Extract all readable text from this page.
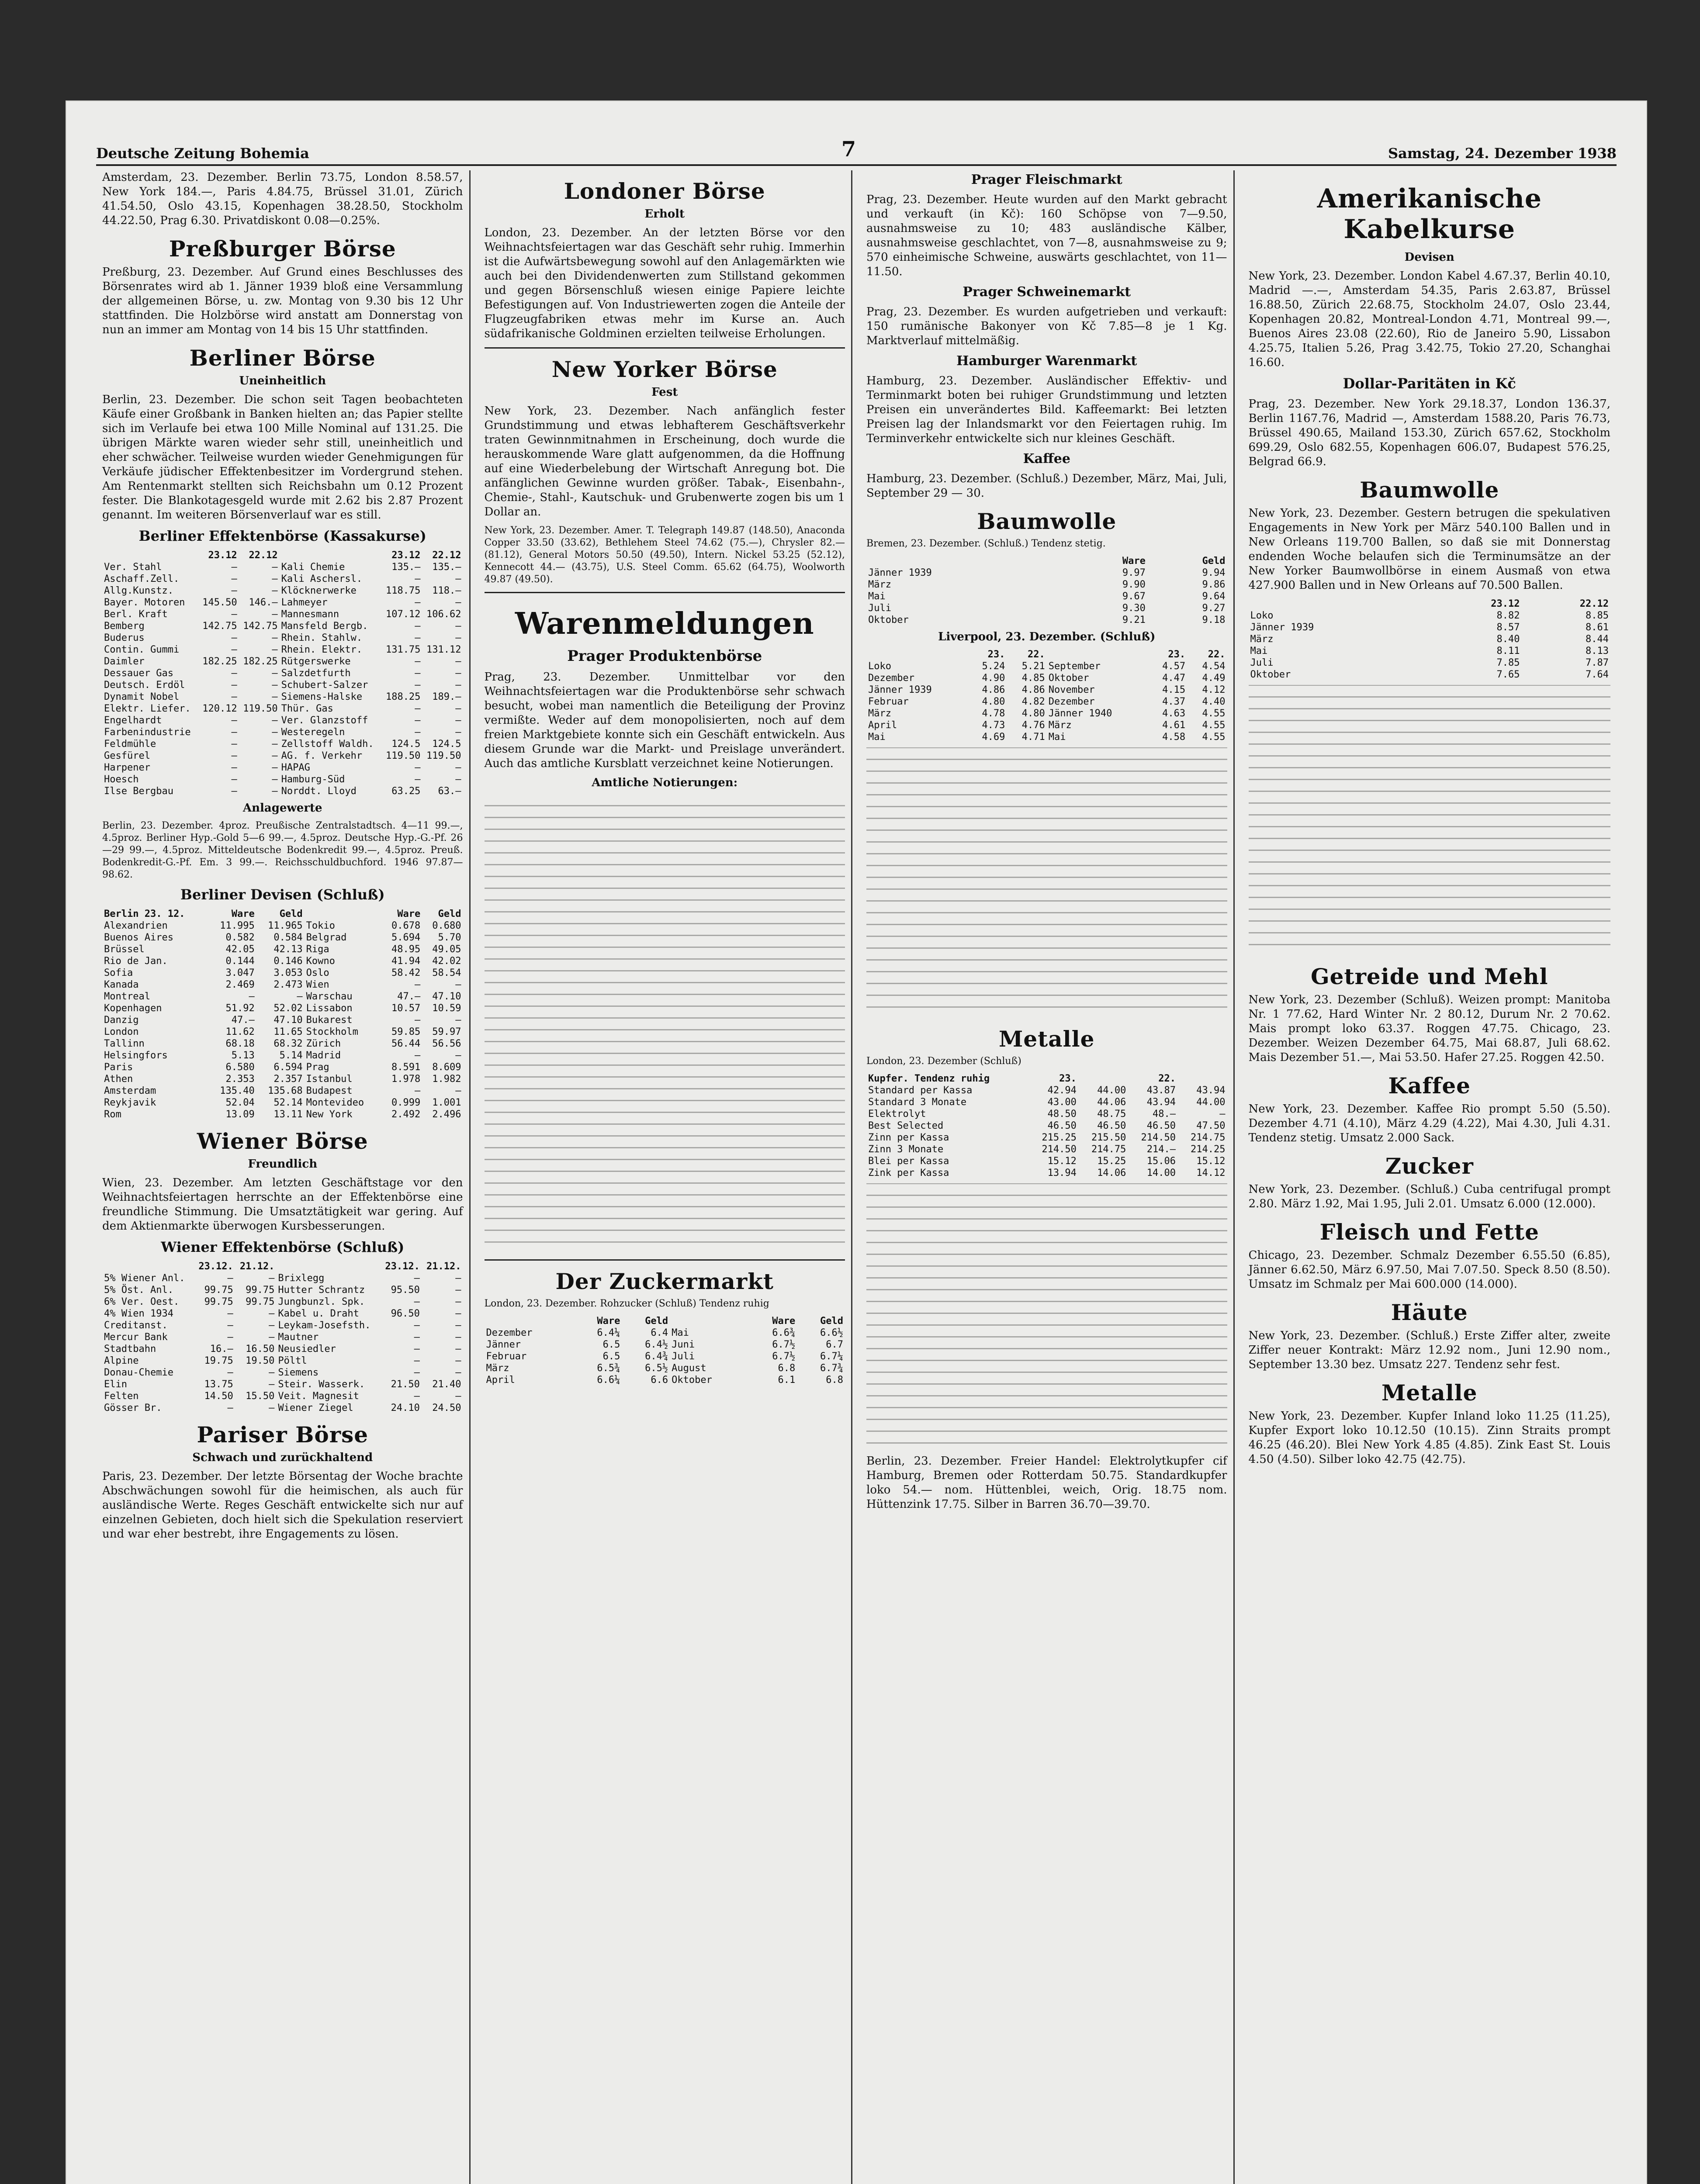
Deutsche Zeitung Bohemia	7	Samstag, 24. Dezember 1938

Amsterdam, 23. Dezember. Berlin 73.75, London 8.58.57, New York 184.—, Paris 4.84.75, Brüssel 31.01, Zürich 41.54.50, Oslo 43.15, Kopenhagen 38.28.50, Stockholm 44.22.50, Prag 6.30. Privatdiskont 0.08—0.25%.

Preßburger Börse

Preßburg, 23. Dezember. Auf Grund eines Beschlusses des Börsenrates wird ab 1. Jänner 1939 bloß eine Versammlung der allgemeinen Börse, u. zw. Montag von 9.30 bis 12 Uhr stattfinden. Die Holzbörse wird anstatt am Donnerstag von nun an immer am Montag von 14 bis 15 Uhr stattfinden.

Berliner Börse
Uneinheitlich

Berlin, 23. Dezember. Die schon seit Tagen beobachteten Käufe einer Großbank in Banken hielten an; das Papier stellte sich im Verlaufe bei etwa 100 Mille Nominal auf 131.25. Die übrigen Märkte waren wieder sehr still, uneinheitlich und eher schwächer. Teilweise wurden wieder Genehmigungen für Verkäufe jüdischer Effektenbesitzer im Vordergrund stehen. Am Rentenmarkt stellten sich Reichsbahn um 0.12 Prozent fester. Die Blankotagesgeld wurde mit 2.62 bis 2.87 Prozent genannt. Im weiteren Börsenverlauf war es still.

Berliner Effektenbörse (Kassakurse)
	23.12	22.12		23.12	22.12
Ver. Stahl	—	—	Kali Chemie	135.—	135.—
Aschaff.Zell.	—	—	Kali Aschersl.	—	—
Allg.Kunstz.	—	—	Klöcknerwerke	118.75	118.—
Bayer. Motoren	145.50	146.—	Lahmeyer	—	—
Berl. Kraft	—	—	Mannesmann	107.12	106.62
Bemberg	142.75	142.75	Mansfeld Bergb.	—	—
Buderus	—	—	Rhein. Stahlw.	—	—
Contin. Gummi	—	—	Rhein. Elektr.	131.75	131.12
Daimler	182.25	182.25	Rütgerswerke	—	—
Dessauer Gas	—	—	Salzdetfurth	—	—
Deutsch. Erdöl	—	—	Schubert-Salzer	—	—
Dynamit Nobel	—	—	Siemens-Halske	188.25	189.—
Elektr. Liefer.	120.12	119.50	Thür. Gas	—	—
Engelhardt	—	—	Ver. Glanzstoff	—	—
Farbenindustrie	—	—	Westeregeln	—	—
Feldmühle	—	—	Zellstoff Waldh.	124.5	124.5
Gesfürel	—	—	AG. f. Verkehr	119.50	119.50
Harpener	—	—	HAPAG	—	—
Hoesch	—	—	Hamburg-Süd	—	—
Ilse Bergbau	—	—	Norddt. Lloyd	63.25	63.—
Anlagewerte

Berlin, 23. Dezember. 4proz. Preußische Zentralstadtsch. 4—11 99.—, 4.5proz. Berliner Hyp.-Gold 5—6 99.—, 4.5proz. Deutsche Hyp.-G.-Pf. 26—29 99.—, 4.5proz. Mitteldeutsche Bodenkredit 99.—, 4.5proz. Preuß. Bodenkredit-G.-Pf. Em. 3 99.—. Reichsschuldbuchford. 1946 97.87—98.62.

Berliner Devisen (Schluß)
Berlin 23. 12.	Ware	Geld		Ware	Geld
Alexandrien	11.995	11.965	Tokio	0.678	0.680
Buenos Aires	0.582	0.584	Belgrad	5.694	5.70
Brüssel	42.05	42.13	Riga	48.95	49.05
Rio de Jan.	0.144	0.146	Kowno	41.94	42.02
Sofia	3.047	3.053	Oslo	58.42	58.54
Kanada	2.469	2.473	Wien	—	—
Montreal	—	—	Warschau	47.—	47.10
Kopenhagen	51.92	52.02	Lissabon	10.57	10.59
Danzig	47.—	47.10	Bukarest	—	—
London	11.62	11.65	Stockholm	59.85	59.97
Tallinn	68.18	68.32	Zürich	56.44	56.56
Helsingfors	5.13	5.14	Madrid	—	—
Paris	6.580	6.594	Prag	8.591	8.609
Athen	2.353	2.357	Istanbul	1.978	1.982
Amsterdam	135.40	135.68	Budapest	—	—
Reykjavik	52.04	52.14	Montevideo	0.999	1.001
Rom	13.09	13.11	New York	2.492	2.496
Wiener Börse
Freundlich

Wien, 23. Dezember. Am letzten Geschäftstage vor den Weihnachtsfeiertagen herrschte an der Effektenbörse eine freundliche Stimmung. Die Umsatztätigkeit war gering. Auf dem Aktienmarkte überwogen Kursbesserungen.

Wiener Effektenbörse (Schluß)
	23.12.	21.12.		23.12.	21.12.
5% Wiener Anl.	—	—	Brixlegg	—	—
5% Öst. Anl.	99.75	99.75	Hutter Schrantz	95.50	—
6% Ver. Oest.	99.75	99.75	Jungbunzl. Spk.	—	—
4% Wien 1934	—	—	Kabel u. Draht	96.50	—
Creditanst.	—	—	Leykam-Josefsth.	—	—
Mercur Bank	—	—	Mautner	—	—
Stadtbahn	16.—	16.50	Neusiedler	—	—
Alpine	19.75	19.50	Pöltl	—	—
Donau-Chemie	—	—	Siemens	—	—
Elin	13.75	—	Steir. Wasserk.	21.50	21.40
Felten	14.50	15.50	Veit. Magnesit	—	—
Gösser Br.	—	—	Wiener Ziegel	24.10	24.50
Pariser Börse
Schwach und zurückhaltend

Paris, 23. Dezember. Der letzte Börsentag der Woche brachte Abschwächungen sowohl für die heimischen, als auch für ausländische Werte. Reges Geschäft entwickelte sich nur auf einzelnen Gebieten, doch hielt sich die Spekulation reserviert und war eher bestrebt, ihre Engagements zu lösen.

Londoner Börse
Erholt

London, 23. Dezember. An der letzten Börse vor den Weihnachtsfeiertagen war das Geschäft sehr ruhig. Immerhin ist die Aufwärtsbewegung sowohl auf den Anlagemärkten wie auch bei den Dividendenwerten zum Stillstand gekommen und gegen Börsenschluß wiesen einige Papiere leichte Befestigungen auf. Von Industriewerten zogen die Anteile der Flugzeugfabriken etwas mehr im Kurse an. Auch südafrikanische Goldminen erzielten teilweise Erholungen.

New Yorker Börse
Fest

New York, 23. Dezember. Nach anfänglich fester Grundstimmung und etwas lebhafterem Geschäftsverkehr traten Gewinnmitnahmen in Erscheinung, doch wurde die herauskommende Ware glatt aufgenommen, da die Hoffnung auf eine Wiederbelebung der Wirtschaft Anregung bot. Die anfänglichen Gewinne wurden größer. Tabak-, Eisenbahn-, Chemie-, Stahl-, Kautschuk- und Grubenwerte zogen bis um 1 Dollar an.

New York, 23. Dezember. Amer. T. Telegraph 149.87 (148.50), Anaconda Copper 33.50 (33.62), Bethlehem Steel 74.62 (75.—), Chrysler 82.— (81.12), General Motors 50.50 (49.50), Intern. Nickel 53.25 (52.12), Kennecott 44.— (43.75), U.S. Steel Comm. 65.62 (64.75), Woolworth 49.87 (49.50).

Warenmeldungen
Prager Produktenbörse

Prag, 23. Dezember. Unmittelbar vor den Weihnachtsfeiertagen war die Produktenbörse sehr schwach besucht, wobei man namentlich die Beteiligung der Provinz vermißte. Weder auf dem monopolisierten, noch auf dem freien Marktgebiete konnte sich ein Geschäft entwickeln. Aus diesem Grunde war die Markt- und Preislage unverändert. Auch das amtliche Kursblatt verzeichnet keine Notierungen.

Amtliche Notierungen:
Der Zuckermarkt

London, 23. Dezember. Rohzucker (Schluß) Tendenz ruhig

	Ware	Geld		Ware	Geld
Dezember	6.4¼	6.4	Mai	6.6¾	6.6½
Jänner	6.5	6.4½	Juni	6.7½	6.7
Februar	6.5	6.4¾	Juli	6.7½	6.7¼
März	6.5¾	6.5½	August	6.8	6.7¾
April	6.6¼	6.6	Oktober	6.1	6.8
Prager Fleischmarkt

Prag, 23. Dezember. Heute wurden auf den Markt gebracht und verkauft (in Kč): 160 Schöpse von 7—9.50, ausnahmsweise zu 10; 483 ausländische Kälber, ausnahmsweise geschlachtet, von 7—8, ausnahmsweise zu 9; 570 einheimische Schweine, auswärts geschlachtet, von 11—11.50.

Prager Schweinemarkt

Prag, 23. Dezember. Es wurden aufgetrieben und verkauft: 150 rumänische Bakonyer von Kč 7.85—8 je 1 Kg. Marktverlauf mittelmäßig.

Hamburger Warenmarkt

Hamburg, 23. Dezember. Ausländischer Effektiv- und Terminmarkt boten bei ruhiger Grundstimmung und letzten Preisen ein unverändertes Bild. Kaffeemarkt: Bei letzten Preisen lag der Inlandsmarkt vor den Feiertagen ruhig. Im Terminverkehr entwickelte sich nur kleines Geschäft.

Kaffee

Hamburg, 23. Dezember. (Schluß.) Dezember, März, Mai, Juli, September 29 — 30.

Baumwolle

Bremen, 23. Dezember. (Schluß.) Tendenz stetig.

	Ware	Geld
Jänner 1939	9.97	9.94
März	9.90	9.86
Mai	9.67	9.64
Juli	9.30	9.27
Oktober	9.21	9.18
Liverpool, 23. Dezember. (Schluß)
	23.	22.		23.	22.
Loko	5.24	5.21	September	4.57	4.54
Dezember	4.90	4.85	Oktober	4.47	4.49
Jänner 1939	4.86	4.86	November	4.15	4.12
Februar	4.80	4.82	Dezember	4.37	4.40
März	4.78	4.80	Jänner 1940	4.63	4.55
April	4.73	4.76	März	4.61	4.55
Mai	4.69	4.71	Mai	4.58	4.55
Metalle

London, 23. Dezember (Schluß)

Kupfer. Tendenz ruhig	23.		22.	
Standard per Kassa	42.94	44.00	43.87	43.94
Standard 3 Monate	43.00	44.06	43.94	44.00
Elektrolyt	48.50	48.75	48.—	—
Best Selected	46.50	46.50	46.50	47.50
Zinn per Kassa	215.25	215.50	214.50	214.75
Zinn 3 Monate	214.50	214.75	214.—	214.25
Blei per Kassa	15.12	15.25	15.06	15.12
Zink per Kassa	13.94	14.06	14.00	14.12

Berlin, 23. Dezember. Freier Handel: Elektrolytkupfer cif Hamburg, Bremen oder Rotterdam 50.75. Standardkupfer loko 54.— nom. Hüttenblei, weich, Orig. 18.75 nom. Hüttenzink 17.75. Silber in Barren 36.70—39.70.

Amerikanische Kabelkurse
Devisen

New York, 23. Dezember. London Kabel 4.67.37, Berlin 40.10, Madrid —.—, Amsterdam 54.35, Paris 2.63.87, Brüssel 16.88.50, Zürich 22.68.75, Stockholm 24.07, Oslo 23.44, Kopenhagen 20.82, Montreal-London 4.71, Montreal 99.—, Buenos Aires 23.08 (22.60), Rio de Janeiro 5.90, Lissabon 4.25.75, Italien 5.26, Prag 3.42.75, Tokio 27.20, Schanghai 16.60.

Dollar-Paritäten in Kč

Prag, 23. Dezember. New York 29.18.37, London 136.37, Berlin 1167.76, Madrid —, Amsterdam 1588.20, Paris 76.73, Brüssel 490.65, Mailand 153.30, Zürich 657.62, Stockholm 699.29, Oslo 682.55, Kopenhagen 606.07, Budapest 576.25, Belgrad 66.9.

Baumwolle

New York, 23. Dezember. Gestern betrugen die spekulativen Engagements in New York per März 540.100 Ballen und in New Orleans 119.700 Ballen, so daß sie mit Donnerstag endenden Woche belaufen sich die Terminumsätze an der New Yorker Baumwollbörse in einem Ausmaß von etwa 427.900 Ballen und in New Orleans auf 70.500 Ballen.

	23.12	22.12
Loko	8.82	8.85
Jänner 1939	8.57	8.61
März	8.40	8.44
Mai	8.11	8.13
Juli	7.85	7.87
Oktober	7.65	7.64
Getreide und Mehl

New York, 23. Dezember (Schluß). Weizen prompt: Manitoba Nr. 1 77.62, Hard Winter Nr. 2 80.12, Durum Nr. 2 70.62. Mais prompt loko 63.37. Roggen 47.75. Chicago, 23. Dezember. Weizen Dezember 64.75, Mai 68.87, Juli 68.62. Mais Dezember 51.—, Mai 53.50. Hafer 27.25. Roggen 42.50.

Kaffee

New York, 23. Dezember. Kaffee Rio prompt 5.50 (5.50). Dezember 4.71 (4.10), März 4.29 (4.22), Mai 4.30, Juli 4.31. Tendenz stetig. Umsatz 2.000 Sack.

Zucker

New York, 23. Dezember. (Schluß.) Cuba centrifugal prompt 2.80. März 1.92, Mai 1.95, Juli 2.01. Umsatz 6.000 (12.000).

Fleisch und Fette

Chicago, 23. Dezember. Schmalz Dezember 6.55.50 (6.85), Jänner 6.62.50, März 6.97.50, Mai 7.07.50. Speck 8.50 (8.50). Umsatz im Schmalz per Mai 600.000 (14.000).

Häute

New York, 23. Dezember. (Schluß.) Erste Ziffer alter, zweite Ziffer neuer Kontrakt: März 12.92 nom., Juni 12.90 nom., September 13.30 bez. Umsatz 227. Tendenz sehr fest.

Metalle

New York, 23. Dezember. Kupfer Inland loko 11.25 (11.25), Kupfer Export loko 10.12.50 (10.15). Zinn Straits prompt 46.25 (46.20). Blei New York 4.85 (4.85). Zink East St. Louis 4.50 (4.50). Silber loko 42.75 (42.75).
